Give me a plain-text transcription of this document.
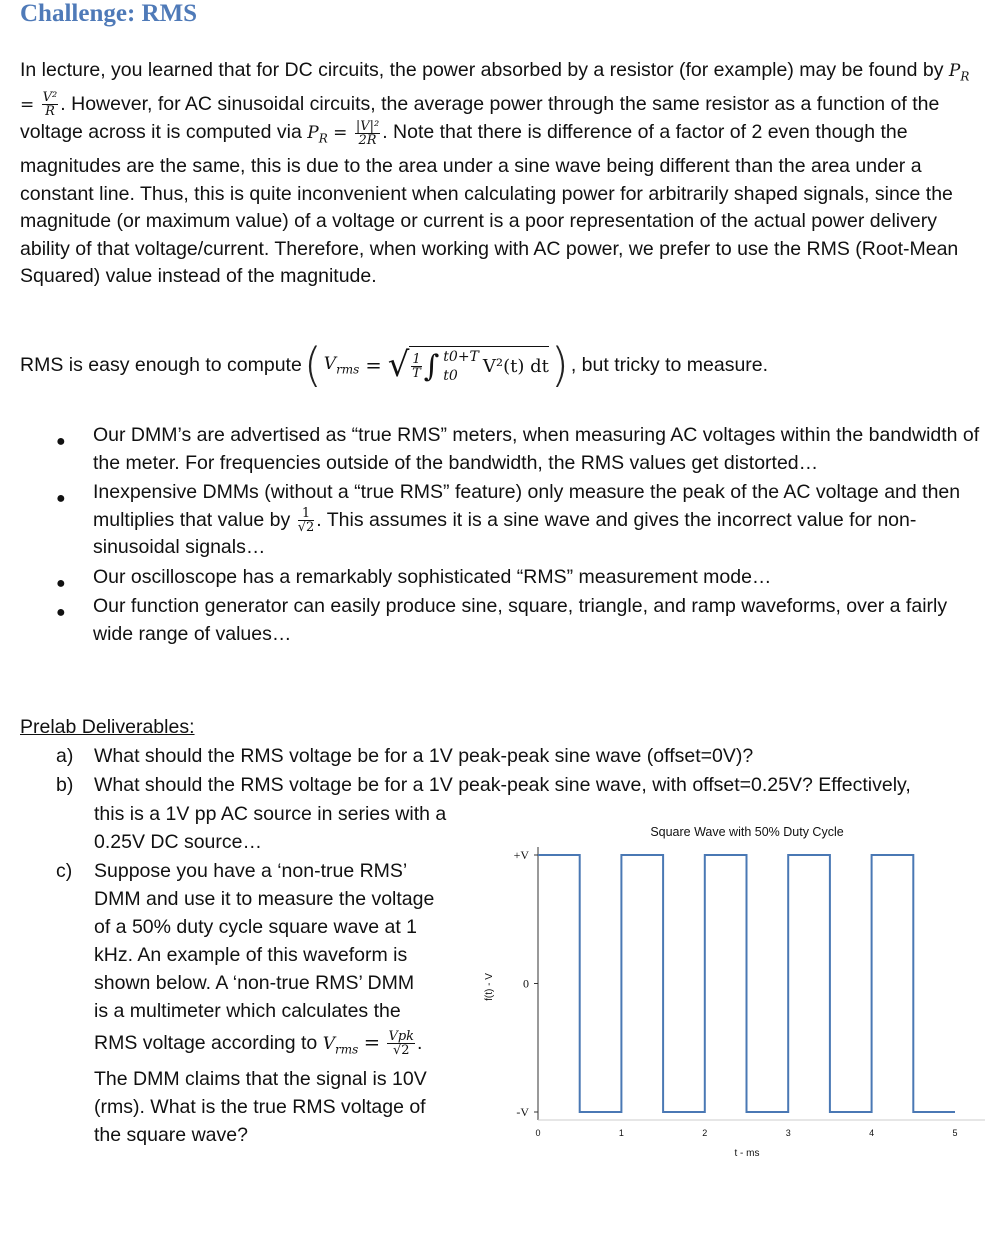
Challenge: RMS

In lecture, you learned that for DC circuits, the power absorbed by a resistor (for example) may be found by $P_R = \frac{\text{V²}}{R}$ . However, for AC sinusoidal circuits, the average power through the same resistor as a function of the voltage across it is computed via $P_R = \frac{\text{|V|²}}{2R}$ . Note that there is difference of a factor of 2 even though the magnitudes are the same, this is due to the area under a sine wave being different than the area under a constant line. Thus, this is quite inconvenient when calculating power for arbitrarily shaped signals, since the magnitude (or maximum value) of a voltage or current is a poor representation of the actual power delivery ability of that voltage/current. Therefore, when working with AC power, we prefer to use the RMS (Root-Mean Squared) value instead of the magnitude.

RMS is easy enough to compute ( $V_{rms}$ = √ $\frac{1}{T}$ ∫ t0+T
t0	V²(t) dt ) , but tricky to measure.
● Our DMM’s are advertised as “true RMS” meters, when measuring AC voltages within the bandwidth of the meter. For frequencies outside of the bandwidth, the RMS values get distorted…
● Inexpensive DMMs (without a “true RMS” feature) only measure the peak of the AC voltage and then multiplies that value by $\frac{1}{√2}$ . This assumes it is a sine wave and gives the incorrect value for non-sinusoidal signals…
● Our oscilloscope has a remarkably sophisticated “RMS” measurement mode…
● Our function generator can easily produce sine, square, triangle, and ramp waveforms, over a fairly wide range of values…
Prelab Deliverables:
a) What should the RMS voltage be for a 1V peak-peak sine wave (offset=0V)?
b) What should the RMS voltage be for a 1V peak-peak sine wave, with offset=0.25V? Effectively,
this is a 1V pp AC source in series with a
0.25V DC source…
c) Suppose you have a ‘non-true RMS’
DMM and use it to measure the voltage
of a 50% duty cycle square wave at 1
kHz. An example of this waveform is
shown below. A ‘non-true RMS’ DMM
is a multimeter which calculates the
RMS voltage according to $V_{rms} = \frac{\text{Vpk}}{√2}$ .
The DMM claims that the signal is 10V
(rms). What is the true RMS voltage of
the square wave?
Square Wave with 50% Duty Cycle
f(t) - V
t - ms
+V
0
-V
0	1	2	3	4	5
